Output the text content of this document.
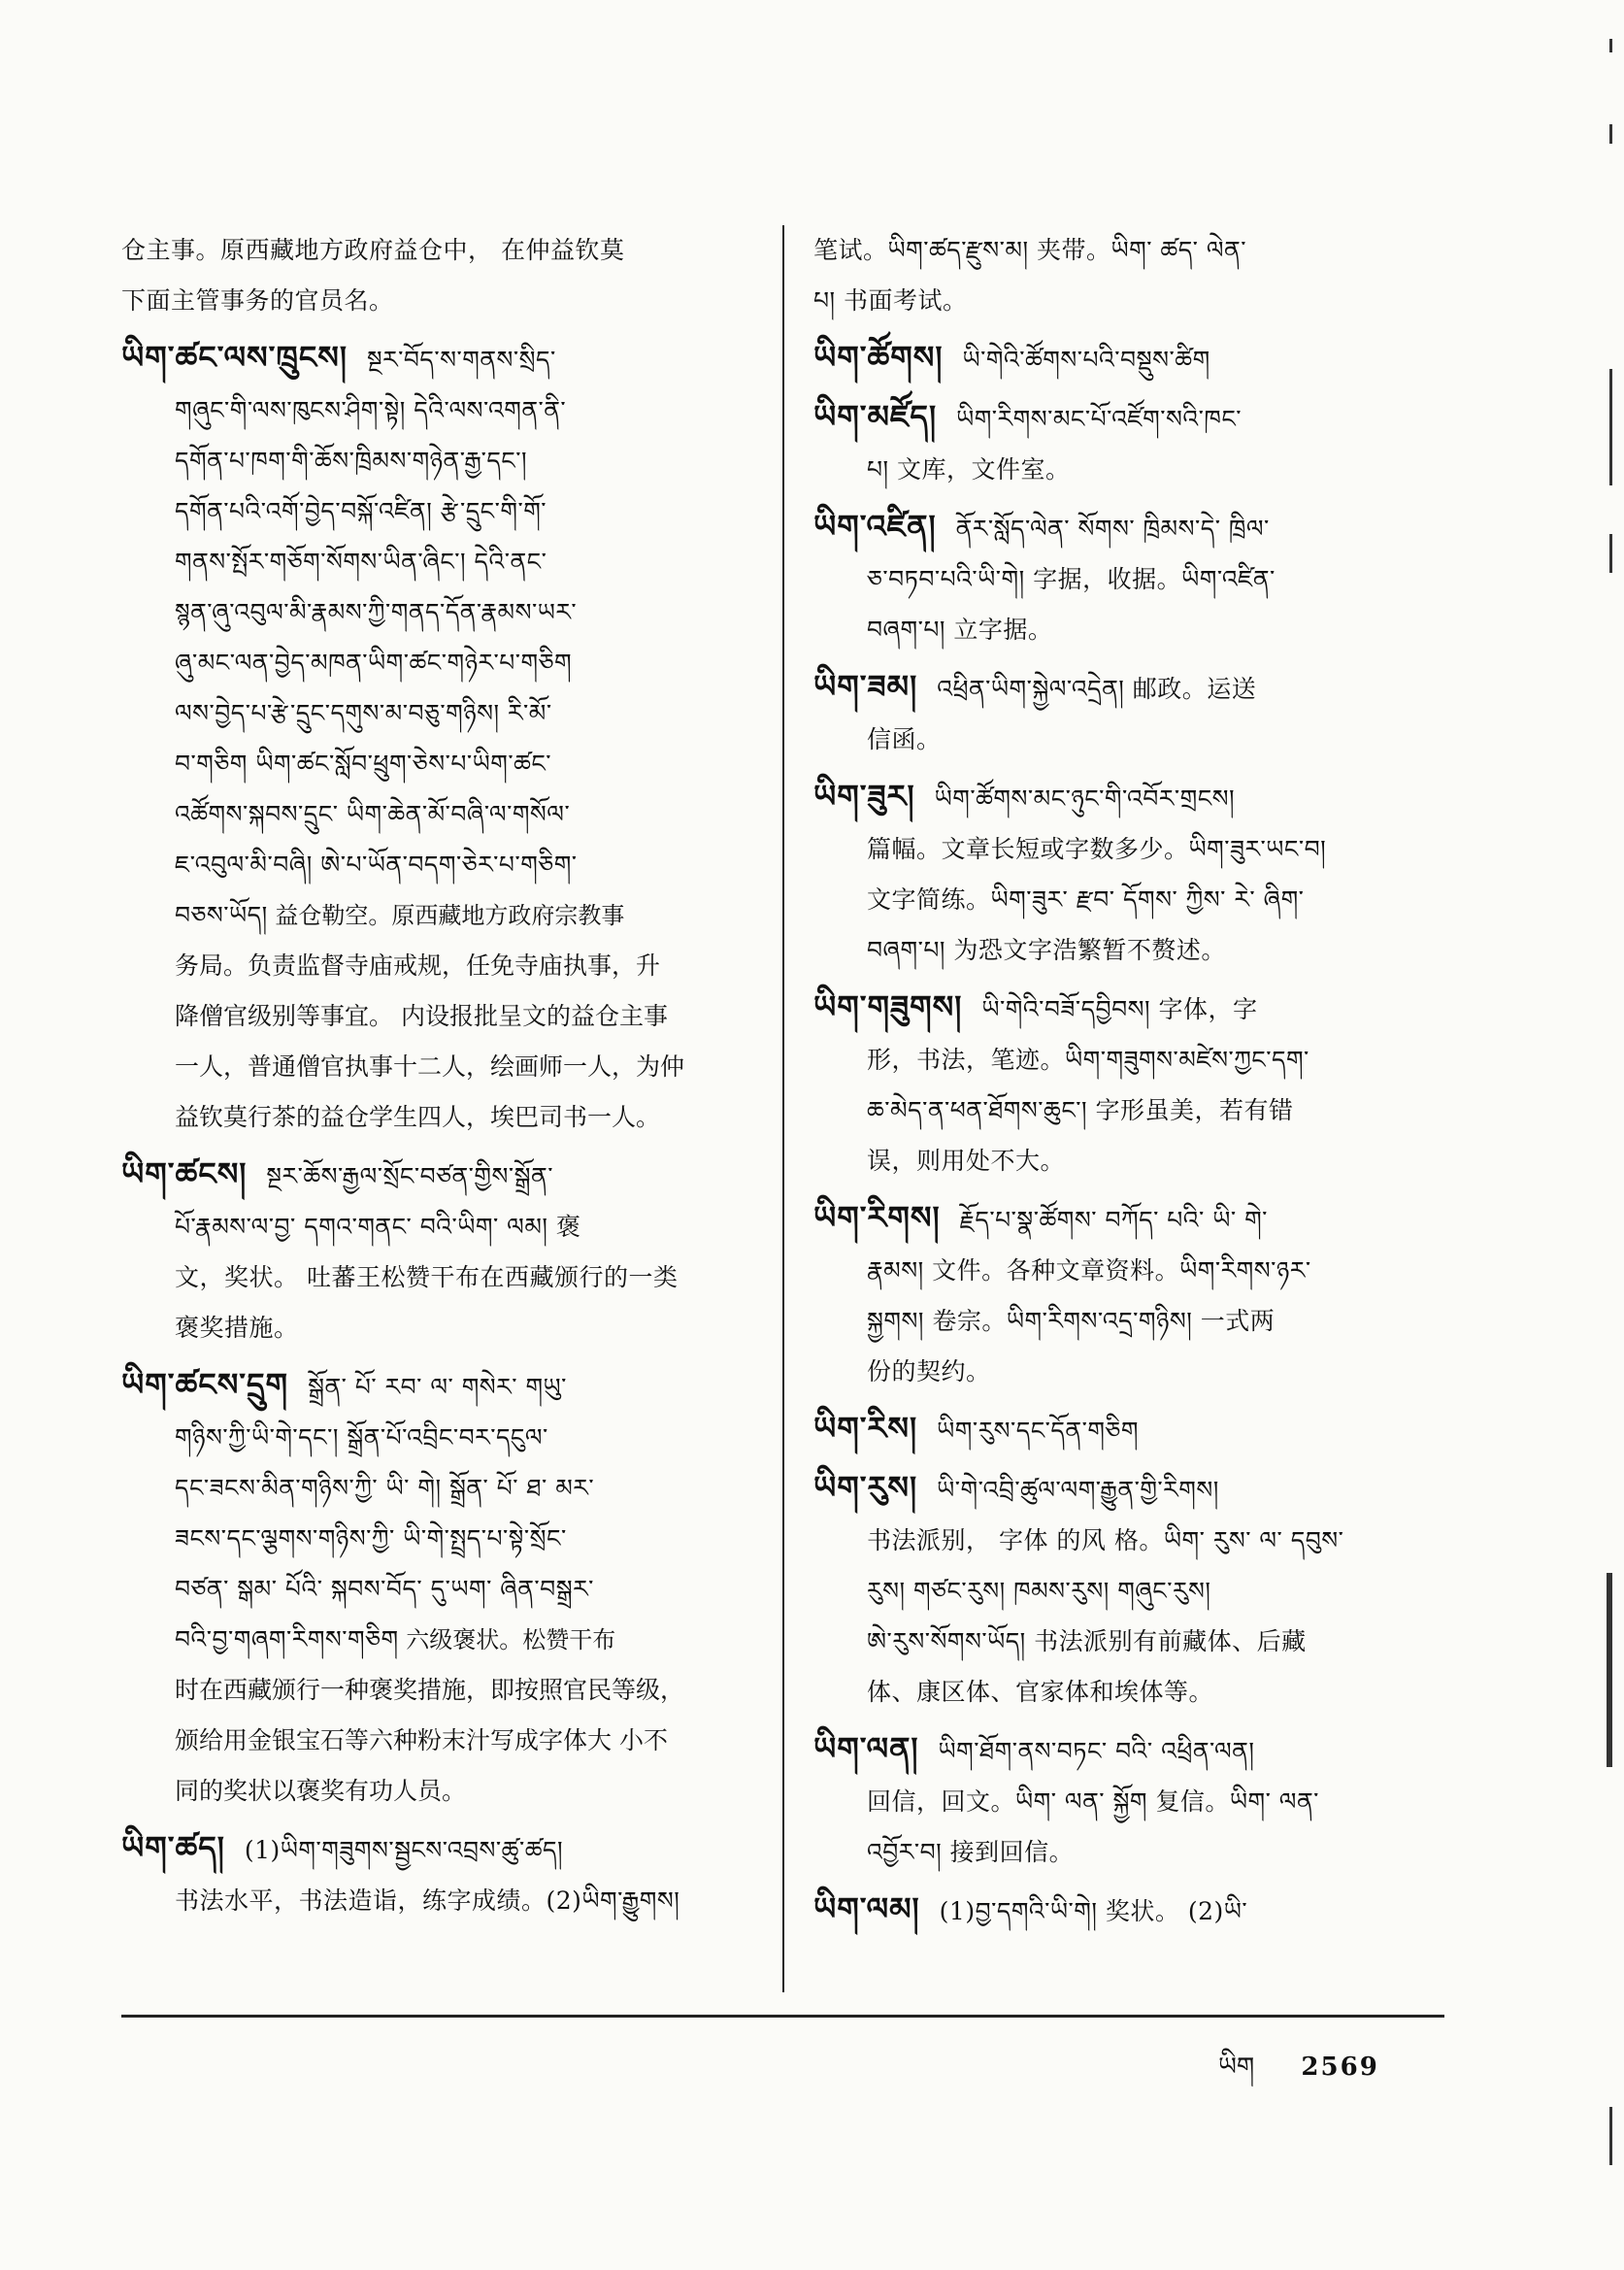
仓主事。原西藏地方政府益仓中， 在仲益钦莫

下面主管事务的官员名。

ཡིག་ཚང་ལས་ཁྲུངས། སྔར་བོད་ས་གནས་སྲིད་

གཞུང་གི་ལས་ཁུངས་ཤིག་སྟེ། དེའི་ལས་འགན་ནི་

དགོན་པ་ཁག་གི་ཆོས་ཁྲིམས་གཉེན་རྒྱ་དང་།

དགོན་པའི་འགོ་བྱེད་བསྐོ་འཛིན། རྩེ་དྲུང་གི་གོ་

གནས་སྤོར་གཅོག་སོགས་ཡིན་ཞིང་། དེའི་ནང་

སྙན་ཞུ་འབུལ་མི་རྣམས་ཀྱི་གནད་དོན་རྣམས་ཡར་

ཞུ་མང་ལན་བྱེད་མཁན་ཡིག་ཚང་གཉེར་པ་གཅིག

ལས་བྱེད་པ་རྩེ་དྲུང་དགུས་མ་བཅུ་གཉིས། རི་མོ་

བ་གཅིག ཡིག་ཚང་སློབ་ཕྲུག་ཅེས་པ་ཡིག་ཚང་

འཚོགས་སྐབས་དྲུང་ ཡིག་ཆེན་མོ་བཞི་ལ་གསོལ་

ཇ་འབུལ་མི་བཞི། ཨེ་པ་ཡོན་བདག་ཅེར་པ་གཅིག་

བཅས་ཡོད། 益仓勒空。原西藏地方政府宗教事

务局。负责监督寺庙戒规，任免寺庙执事，升

降僧官级别等事宜。 内设报批呈文的益仓主事

一人，普通僧官执事十二人，绘画师一人，为仲

益钦莫行茶的益仓学生四人，埃巴司书一人。

ཡིག་ཚངས། སྔར་ཆོས་རྒྱལ་སྲོང་བཙན་གྱིས་སྒྲོན་

པོ་རྣམས་ལ་བྱ་ དགའ་གནང་ བའི་ཡིག་ ལམ། 褒

文，奖状。 吐蕃王松赞干布在西藏颁行的一类

褒奖措施。

ཡིག་ཚངས་དྲུག སྒྲོན་ པོ་ རབ་ ལ་ གསེར་ གཡུ་

གཉིས་ཀྱི་ཡི་གེ་དང་། སྒྲོན་པོ་འབྲིང་བར་དངུལ་

དང་ཟངས་མིན་གཉིས་ཀྱི་ ཡི་ གེ། སྒྲོན་ པོ་ ཐ་ མར་

ཟངས་དང་ལྕགས་གཉིས་ཀྱི་ ཡི་གེ་སྤྲད་པ་སྟེ་སྲོང་

བཙན་ སྒམ་ པོའི་ སྐབས་བོད་ དུ་ཡག་ ཞིན་བསྒྲར་

བའི་བྱ་གཞག་རིགས་གཅིག 六级褒状。松赞干布

时在西藏颁行一种褒奖措施，即按照官民等级，

颁给用金银宝石等六种粉末汁写成字体大 小不

同的奖状以褒奖有功人员。

ཡིག་ཚད། (1)ཡིག་གཟུགས་སྦྱངས་འབྲས་ཚུ་ཚད།

书法水平，书法造诣，练字成绩。(2)ཡིག་རྒྱུགས།

笔试。ཡིག་ཚད་རྫུས་མ། 夹带。ཡིག་ ཚད་ ལེན་

པ། 书面考试。

ཡིག་ཚོགས། ཡི་གེའི་ཚོགས་པའི་བསྡུས་ཚིག

ཡིག་མཛོད། ཡིག་རིགས་མང་པོ་འཛོག་སའི་ཁང་

པ། 文库，文件室。

ཡིག་འཛིན། ནོར་སློད་ལེན་ སོགས་ ཁྲིམས་དེ་ ཁྲིལ་

ཅ་བཏབ་པའི་ཡི་གེ། 字据，收据。ཡིག་འཛིན་

བཞག་པ། 立字据。

ཡིག་ཟམ། འཕྲིན་ཡིག་སྐྱེལ་འདྲེན། 邮政。运送

信函。

ཡིག་ཟུར། ཡིག་ཚོགས་མང་ཉུང་གི་འབོར་གྲངས།

篇幅。文章长短或字数多少。ཡིག་ཟུར་ཡང་བ།

文字简练。ཡིག་ཟུར་ རྫབ་ དོགས་ ཀྱིས་ རེ་ ཞིག་

བཞག་པ། 为恐文字浩繁暂不赘述。

ཡིག་གཟུགས། ཡི་གེའི་བཟོ་དབྱིབས། 字体，字

形，书法，笔迹。ཡིག་གཟུགས་མཛེས་ཀྱང་དག་

ཆ་མེད་ན་ཕན་ཐོགས་ཆུང་། 字形虽美，若有错

误，则用处不大。

ཡིག་རིགས། རྗོད་པ་སྣ་ཚོགས་ བཀོད་ པའི་ ཡི་ གེ་

རྣམས། 文件。各种文章资料。ཡིག་རིགས་ཉར་

སྐྱགས། 卷宗。ཡིག་རིགས་འདྲ་གཉིས། 一式两

份的契约。

ཡིག་རིས། ཡིག་རུས་དང་དོན་གཅིག

ཡིག་རུས། ཡི་གེ་འབྲི་ཚུལ་ལག་རྒྱུན་གྱི་རིགས།

书法派别， 字体 的风 格。ཡིག་ རུས་ ལ་ དབུས་

རུས། གཙང་རུས། ཁམས་རུས། གཞུང་རུས།

ཨེ་རུས་སོགས་ཡོད། 书法派别有前藏体、后藏

体、康区体、官家体和埃体等。

ཡིག་ལན། ཡིག་ཐོག་ནས་བཏང་ བའི་ འཕྲིན་ལན།

回信，回文。ཡིག་ ལན་ སྐྱོག 复信。ཡིག་ ལན་

འབྱོར་བ། 接到回信。

ཡིག་ལམ། (1)བྱ་དགའི་ཡི་གེ། 奖状。 (2)ཡི་

ཡིག 2569
